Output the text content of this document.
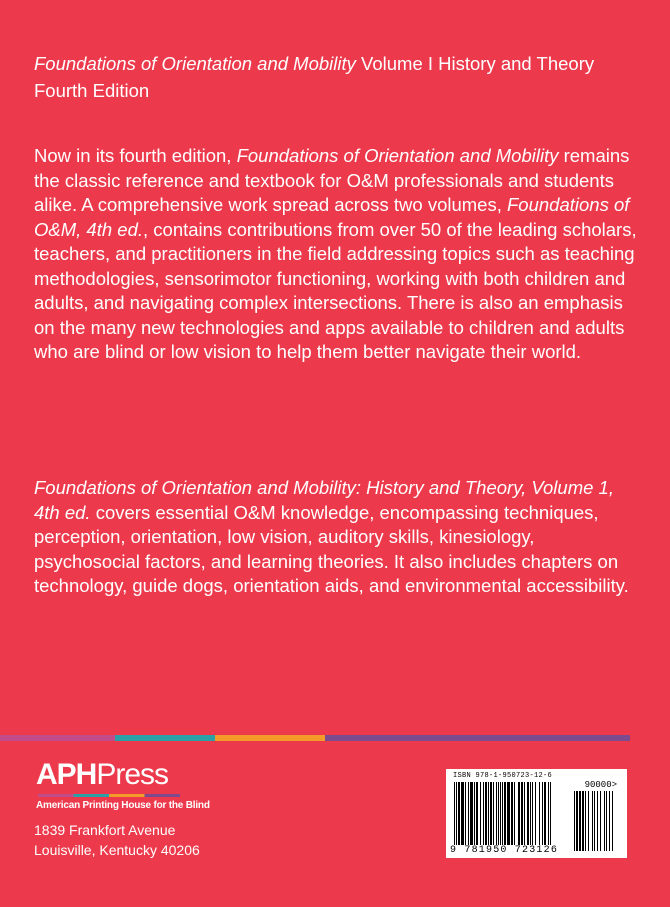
Foundations of Orientation and Mobility Volume I History and Theory Fourth Edition

Now in its fourth edition, Foundations of Orientation and Mobility remains the classic reference and textbook for O&M professionals and students alike. A comprehensive work spread across two volumes, Foundations of O&M, 4th ed., contains contributions from over 50 of the leading scholars, teachers, and practitioners in the field addressing topics such as teaching methodologies, sensorimotor functioning, working with both children and adults, and navigating complex intersections. There is also an emphasis on the many new technologies and apps available to children and adults who are blind or low vision to help them better navigate their world.

Foundations of Orientation and Mobility: History and Theory, Volume 1, 4th ed. covers essential O&M knowledge, encompassing techniques, perception, orientation, low vision, auditory skills, kinesiology, psychosocial factors, and learning theories. It also includes chapters on technology, guide dogs, orientation aids, and environmental accessibility.

APHPress
American Printing House for the Blind
1839 Frankfort Avenue
Louisville, Kentucky 40206
ISBN 978-1-950723-12-6
90000>
9 781950 723126
